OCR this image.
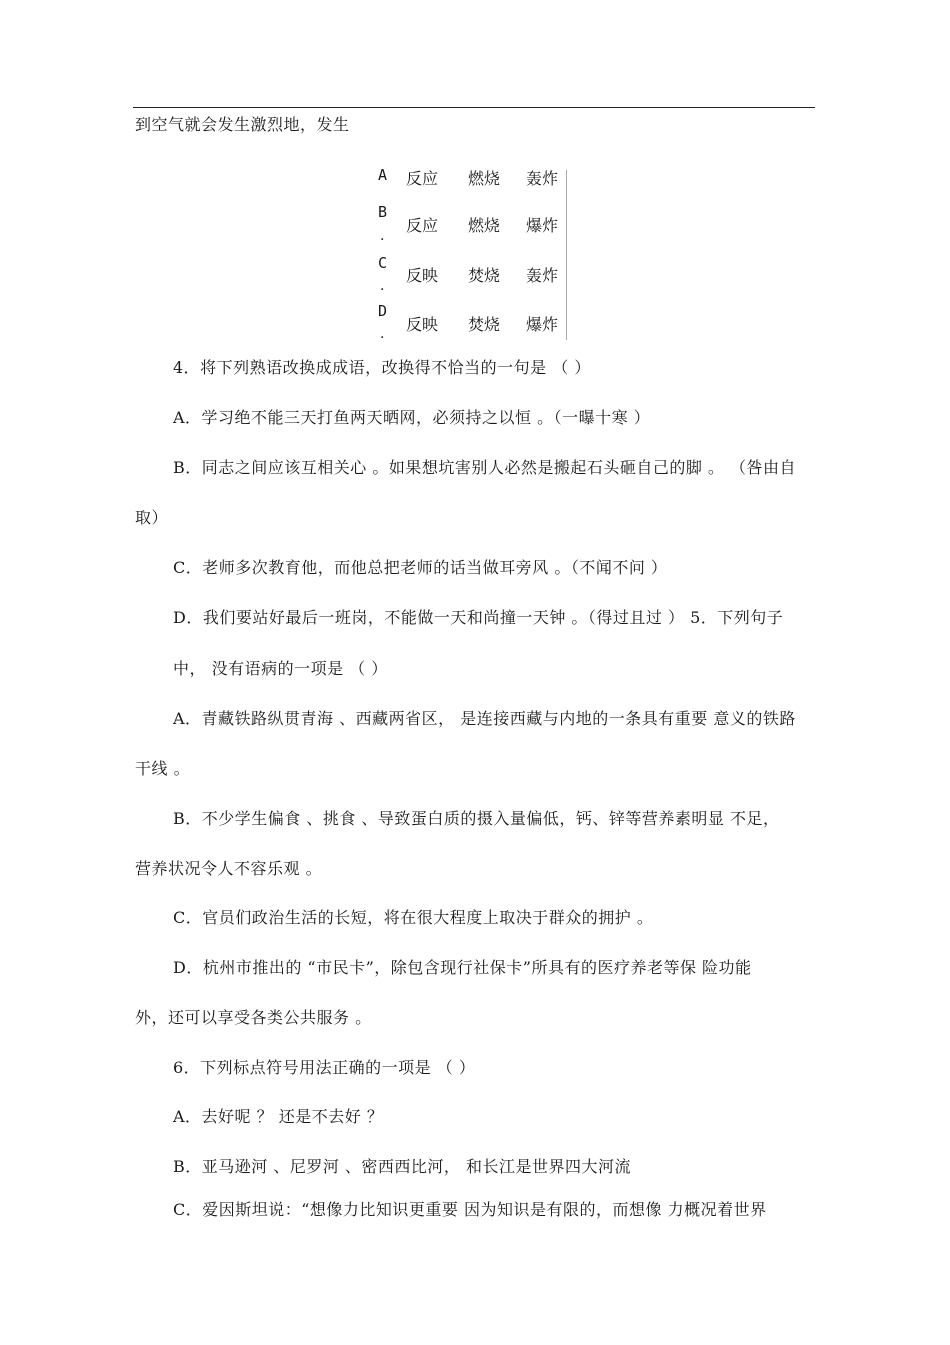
到空气就会发生激烈地，发生
A 反应 燃烧 轰炸
B
.
反应 燃烧 爆炸
C
.
反映 焚烧 轰炸
D
. 反映 焚烧 爆炸
4．将下列熟语改换成成语，改换得不恰当的一句是 （ ）
A．学习绝不能三天打鱼两天晒网，必须持之以恒 。（一曝十寒 ）
B．同志之间应该互相关心 。如果想坑害别人必然是搬起石头砸自己的脚 。 （咎由自
取）
C．老师多次教育他，而他总把老师的话当做耳旁风 。（不闻不问 ）
D．我们要站好最后一班岗，不能做一天和尚撞一天钟 。（得过且过 ） 5．下列句子
中， 没有语病的一项是 （ ）
A．青藏铁路纵贯青海 、西藏两省区， 是连接西藏与内地的一条具有重要 意义的铁路
干线 。
B．不少学生偏食 、挑食 、导致蛋白质的摄入量偏低，钙、锌等营养素明显 不足，
营养状况令人不容乐观 。
C．官员们政治生活的长短，将在很大程度上取决于群众的拥护 。
D．杭州市推出的 “市民卡”，除包含现行社保卡”所具有的医疗养老等保 险功能
外，还可以享受各类公共服务 。
6．下列标点符号用法正确的一项是 （ ）
A．去好呢 ？ 还是不去好 ？
B．亚马逊河 、尼罗河 、密西西比河， 和长江是世界四大河流
C．爱因斯坦说：“想像力比知识更重要 因为知识是有限的，而想像 力概况着世界
